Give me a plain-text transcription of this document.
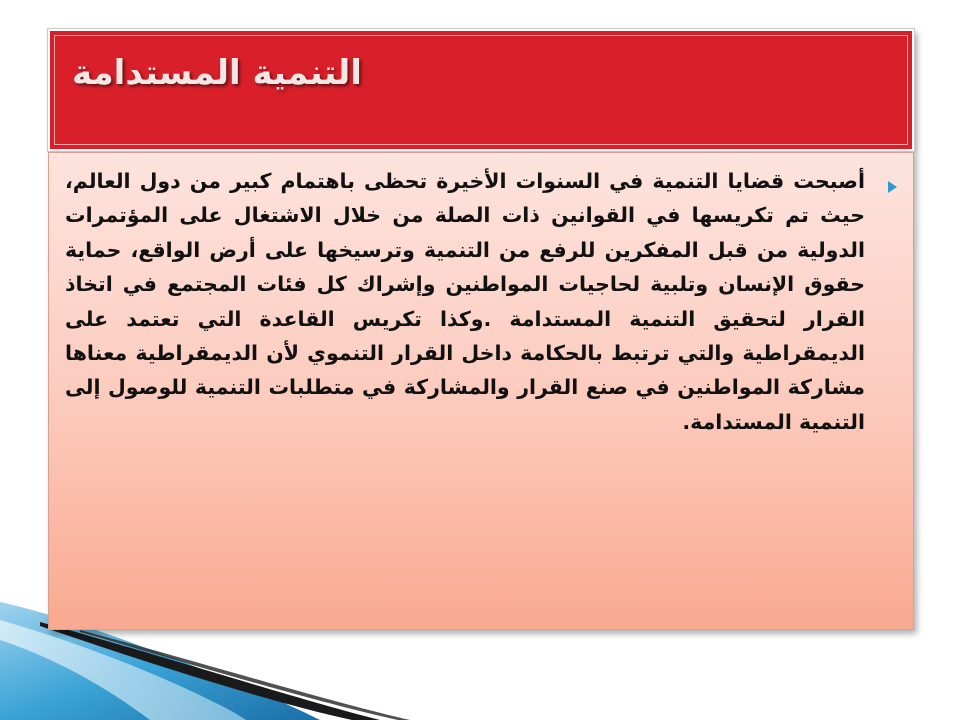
التنمية المستدامة

أصبحت قضايا التنمية في السنوات الأخيرة تحظى باهتمام كبير من دول العالم، حيث تم تكريسها في القوانين ذات الصلة من خلال الاشتغال على المؤتمرات الدولية من قبل المفكرين للرفع من التنمية وترسيخها على أرض الواقع، حماية حقوق الإنسان وتلبية لحاجيات المواطنين وإشراك كل فئات المجتمع في اتخاذ القرار لتحقيق التنمية المستدامة .وكذا تكريس القاعدة التي تعتمد على الديمقراطية والتي ترتبط بالحكامة داخل القرار التنموي لأن الديمقراطية معناها مشاركة المواطنين في صنع القرار والمشاركة في متطلبات التنمية للوصول إلى التنمية المستدامة.
